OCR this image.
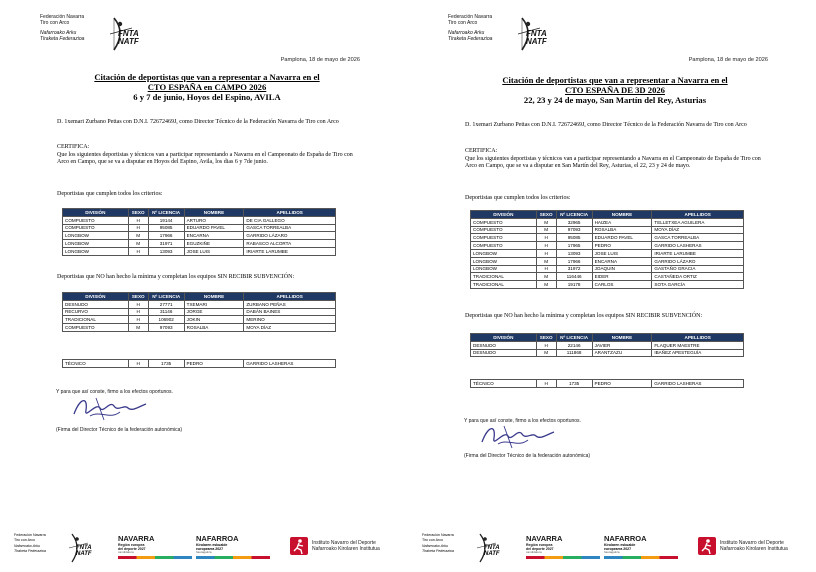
Federación Navarra
Tiro con Arco
Nafarroako Arku
Tiraketa Federazioa
FNTA
NATF
Pamplona, 18 de mayo de 2026
Citación de deportistas que van a representar a Navarra en el
CTO ESPAÑA en CAMPO 2026
6 y 7 de junio, Hoyos del Espino, AVILA
D. 1xemari Zurbano Pettas con D.N.I. 72672469J, como Director Técnico de la Federación Navarra de Tiro con Arco
CERTIFICA:
Que los siguientes deportistas y técnicos van a participar representando a Navarra en el Campeonato de España de Tiro con Arco en Campo, que se va a disputar en Hoyos del Espino, Avila, los dias 6 y 7de junio.
Deportistas que cumplen todos los criterios:
DIVISIÓN	SEXO	Nº LICENCIA	NOMBRE	APELLIDOS
COMPUESTO	H	19144	ARTURO	DE CIA GALLEGO
COMPUESTO	H	95085	EDUARDO PAVEL	GASCA TORREALBA
LONGBOW	M	17966	ENCARNA	GARRIDO LÁZARO
LONGBOW	M	31971	EGUZKIÑE	RABASCO ALCORTA
LONGBOW	H	13093	JOSE LUIS	IRIARTE LARUMBE
Deportistas que NO han hecho la mínima y completan los equipos SIN RECIBIR SUBVENCIÓN:
DIVISIÓN	SEXO	Nº LICENCIA	NOMBRE	APELLIDOS
DESNUDO	H	27771	TXEMARI	ZURBANO PEÑAS
RECURVO	H	31146	JORGE	DABÁN BAINES
TRADICIONAL	H	106902	JOKIN	MERINO
COMPUESTO	M	97093	ROSALBA	MOYA DÍAZ
TÉCNICO	H	1735	PEDRO	GARRIDO LASHERAS
Y para que así conste, firmo a los efectos oportunos.
(Firma del Director Técnico de la federación autonómica)
Federación Navarra
Tiro con Arco
Nafarroako Arku
Tiraketa Federazioa	FNTA
NATF
NAVARRA
Región europea
del deporte 2027
candidatura
NAFARROA
Kirolaren eskualde
europearra 2027
hautagaitza
Instituto Navarro del Deporte
Nafarroako Kirolaren Institutua
Federación Navarra
Tiro con Arco
Nafarroako Arku
Tiraketa Federazioa
FNTA
NATF
Pamplona, 18 de mayo de 2026
Citación de deportistas que van a representar a Navarra en el
CTO ESPAÑA DE 3D 2026
22, 23 y 24 de mayo, San Martín del Rey, Asturias
D. 1xemari Zurbano Pettas con D.N.I. 72672469J, como Director Técnico de la Federación Navarra de Tiro con Arco
CERTIFICA:
Que los siguientes deportistas y técnicos van a participar representando a Navarra en el Campeonato de España de Tiro con Arco en Campo, que se va a disputar en San Martín del Rey, Asturias, el 22, 23 y 24 de mayo.
Deportistas que cumplen todos los criterios:
DIVISIÓN	SEXO	Nº LICENCIA	NOMBRE	APELLIDOS
COMPUESTO	M	32965	HAIZEA	TELLETXEA AGUILERA
COMPUESTO	M	97093	ROSALBA	MOYA DÍAZ
COMPUESTO	H	95085	EDUARDO PAVEL	GASCA TORREALBA
COMPUESTO	H	17965	PEDRO	GARRIDO LASHERAS
LONGBOW	H	13093	JOSE LUIS	IRIARTE LARUMBE
LONGBOW	M	17966	ENCARNA	GARRIDO LÁZARO
LONGBOW	H	31972	JOAQUIN	GASTAÑO GRACIA
TRADICIONAL	M	116446	EIDER	CASTAÑEDA ORTIZ
TRADICIONAL	M	19178	CARLOS	SOTA GARCÍA
Deportistas que NO han hecho la mínima y completan los equipos SIN RECIBIR SUBVENCIÓN:
DIVISIÓN	SEXO	Nº LICENCIA	NOMBRE	APELLIDOS
DESNUDO	H	22146	JAVIER	FLAQUER MAESTRE
DESNUDO	M	111868	ARANTZAZU	IBAÑEZ APESTEGUÍA
TÉCNICO	H	1735	PEDRO	GARRIDO LASHERAS
Y para que así conste, firmo a los efectos oportunos.
(Firma del Director Técnico de la federación autonómica)
Federación Navarra
Tiro con Arco
Nafarroako Arku
Tiraketa Federazioa	FNTA
NATF
NAVARRA
Región europea
del deporte 2027
candidatura
NAFARROA
Kirolaren eskualde
europearra 2027
hautagaitza
Instituto Navarro del Deporte
Nafarroako Kirolaren Institutua
